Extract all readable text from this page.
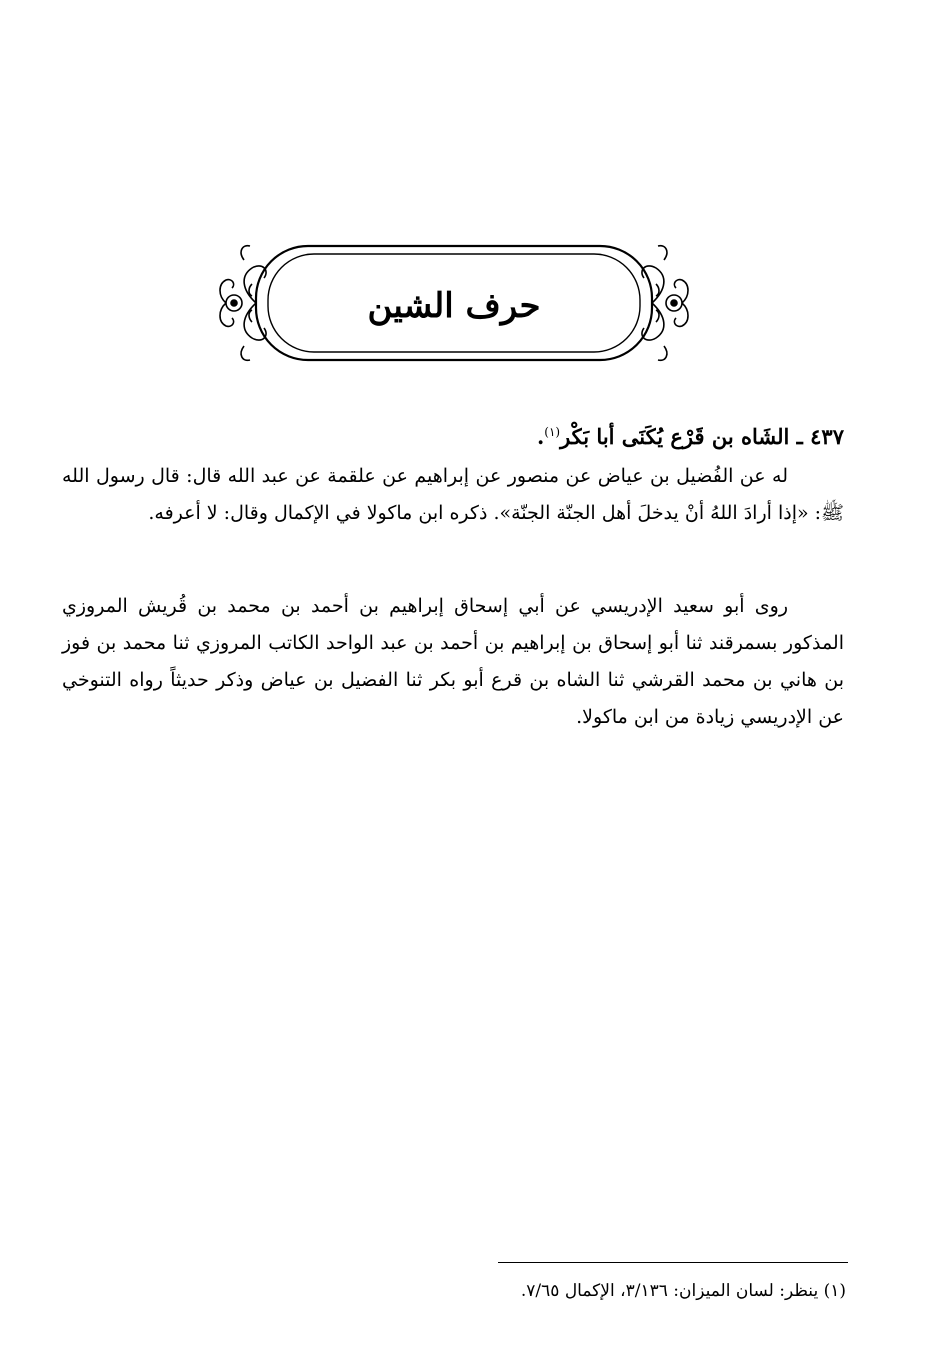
حرف الشين
٤٣٧ ـ الشَاه بن قَرْع يُكَنَى أبا بَكْر$^{(١)}$.
له عن الفُضيل بن عياض عن منصور عن إبراهيم عن علقمة عن عبد الله قال: قال رسول الله ﷺ: «إذا أرادَ اللهُ أنْ يدخلَ أهل الجنّة الجنّة». ذكره ابن ماكولا في الإكمال وقال: لا أعرفه.
روى أبو سعيد الإدريسي عن أبي إسحاق إبراهيم بن أحمد بن محمد بن قُريش المروزي المذكور بسمرقند ثنا أبو إسحاق بن إبراهيم بن أحمد بن عبد الواحد الكاتب المروزي ثنا محمد بن فوز بن هاني بن محمد القرشي ثنا الشاه بن قرع أبو بكر ثنا الفضيل بن عياض وذكر حديثاً رواه التنوخي عن الإدريسي زيادة من ابن ماكولا.
(١) ينظر: لسان الميزان: ٣/١٣٦، الإكمال ٧/٦٥.
